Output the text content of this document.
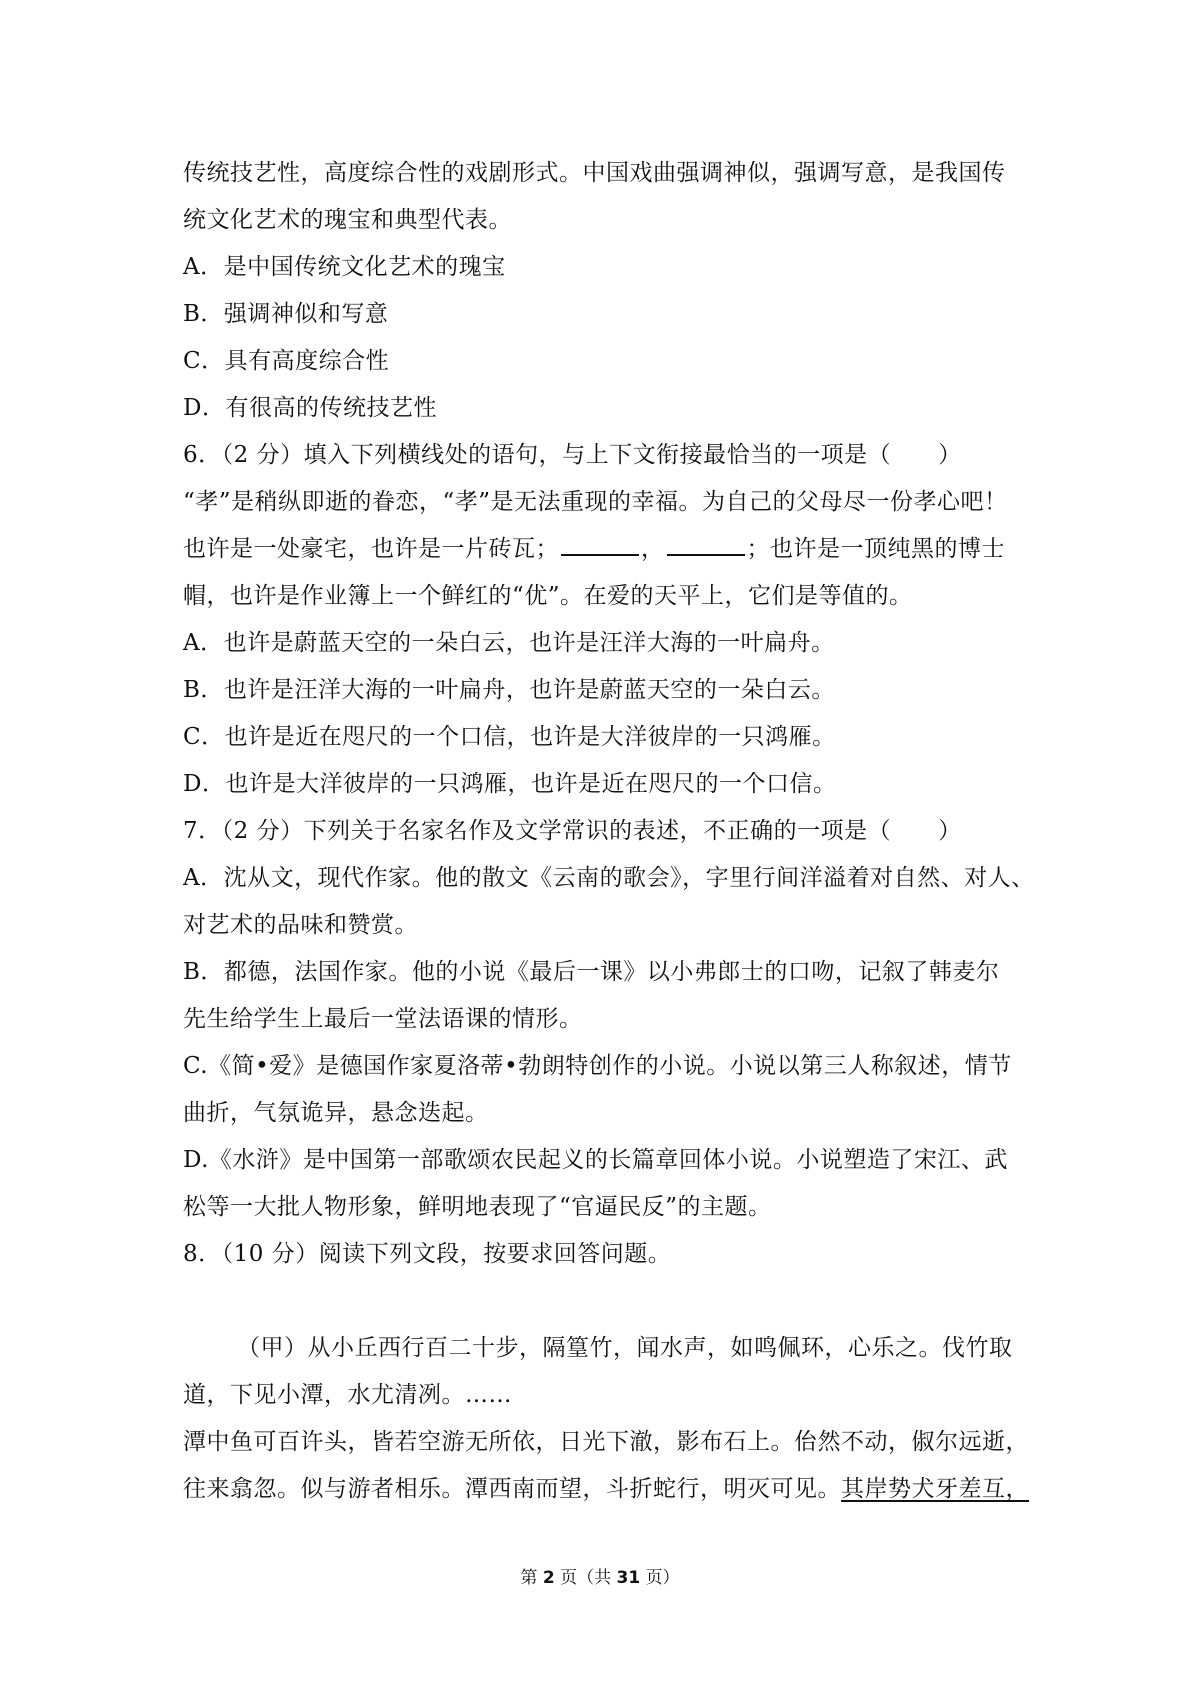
传统技艺性，高度综合性的戏剧形式。中国戏曲强调神似，强调写意，是我国传
统文化艺术的瑰宝和典型代表。
A．是中国传统文化艺术的瑰宝
B．强调神似和写意
C．具有高度综合性
D．有很高的传统技艺性
6．（2 分）填入下列横线处的语句，与上下文衔接最恰当的一项是（　　）
“孝”是稍纵即逝的眷恋，“孝”是无法重现的幸福。为自己的父母尽一份孝心吧！
也许是一处豪宅，也许是一片砖瓦；	，	；也许是一顶纯黑的博士
帽，也许是作业簿上一个鲜红的“优”。在爱的天平上，它们是等值的。
A．也许是蔚蓝天空的一朵白云，也许是汪洋大海的一叶扁舟。
B．也许是汪洋大海的一叶扁舟，也许是蔚蓝天空的一朵白云。
C．也许是近在咫尺的一个口信，也许是大洋彼岸的一只鸿雁。
D．也许是大洋彼岸的一只鸿雁，也许是近在咫尺的一个口信。
7．（2 分）下列关于名家名作及文学常识的表述，不正确的一项是（　　）
A．沈从文，现代作家。他的散文《云南的歌会》，字里行间洋溢着对自然、对人、
对艺术的品味和赞赏。
B．都德，法国作家。他的小说《最后一课》以小弗郎士的口吻，记叙了韩麦尔
先生给学生上最后一堂法语课的情形。
C.《简•爱》是德国作家夏洛蒂•勃朗特创作的小说。小说以第三人称叙述，情节
曲折，气氛诡异，悬念迭起。
D.《水浒》是中国第一部歌颂农民起义的长篇章回体小说。小说塑造了宋江、武
松等一大批人物形象，鲜明地表现了“官逼民反”的主题。
8．（10 分）阅读下列文段，按要求回答问题。
（甲）从小丘西行百二十步，隔篁竹，闻水声，如鸣佩环，心乐之。伐竹取
道，下见小潭，水尤清冽。……
潭中鱼可百许头，皆若空游无所依，日光下澈，影布石上。佁然不动，俶尔远逝，
往来翕忽。似与游者相乐。潭西南而望，斗折蛇行，明灭可见。其岸势犬牙差互，
第 2 页（共 31 页）
